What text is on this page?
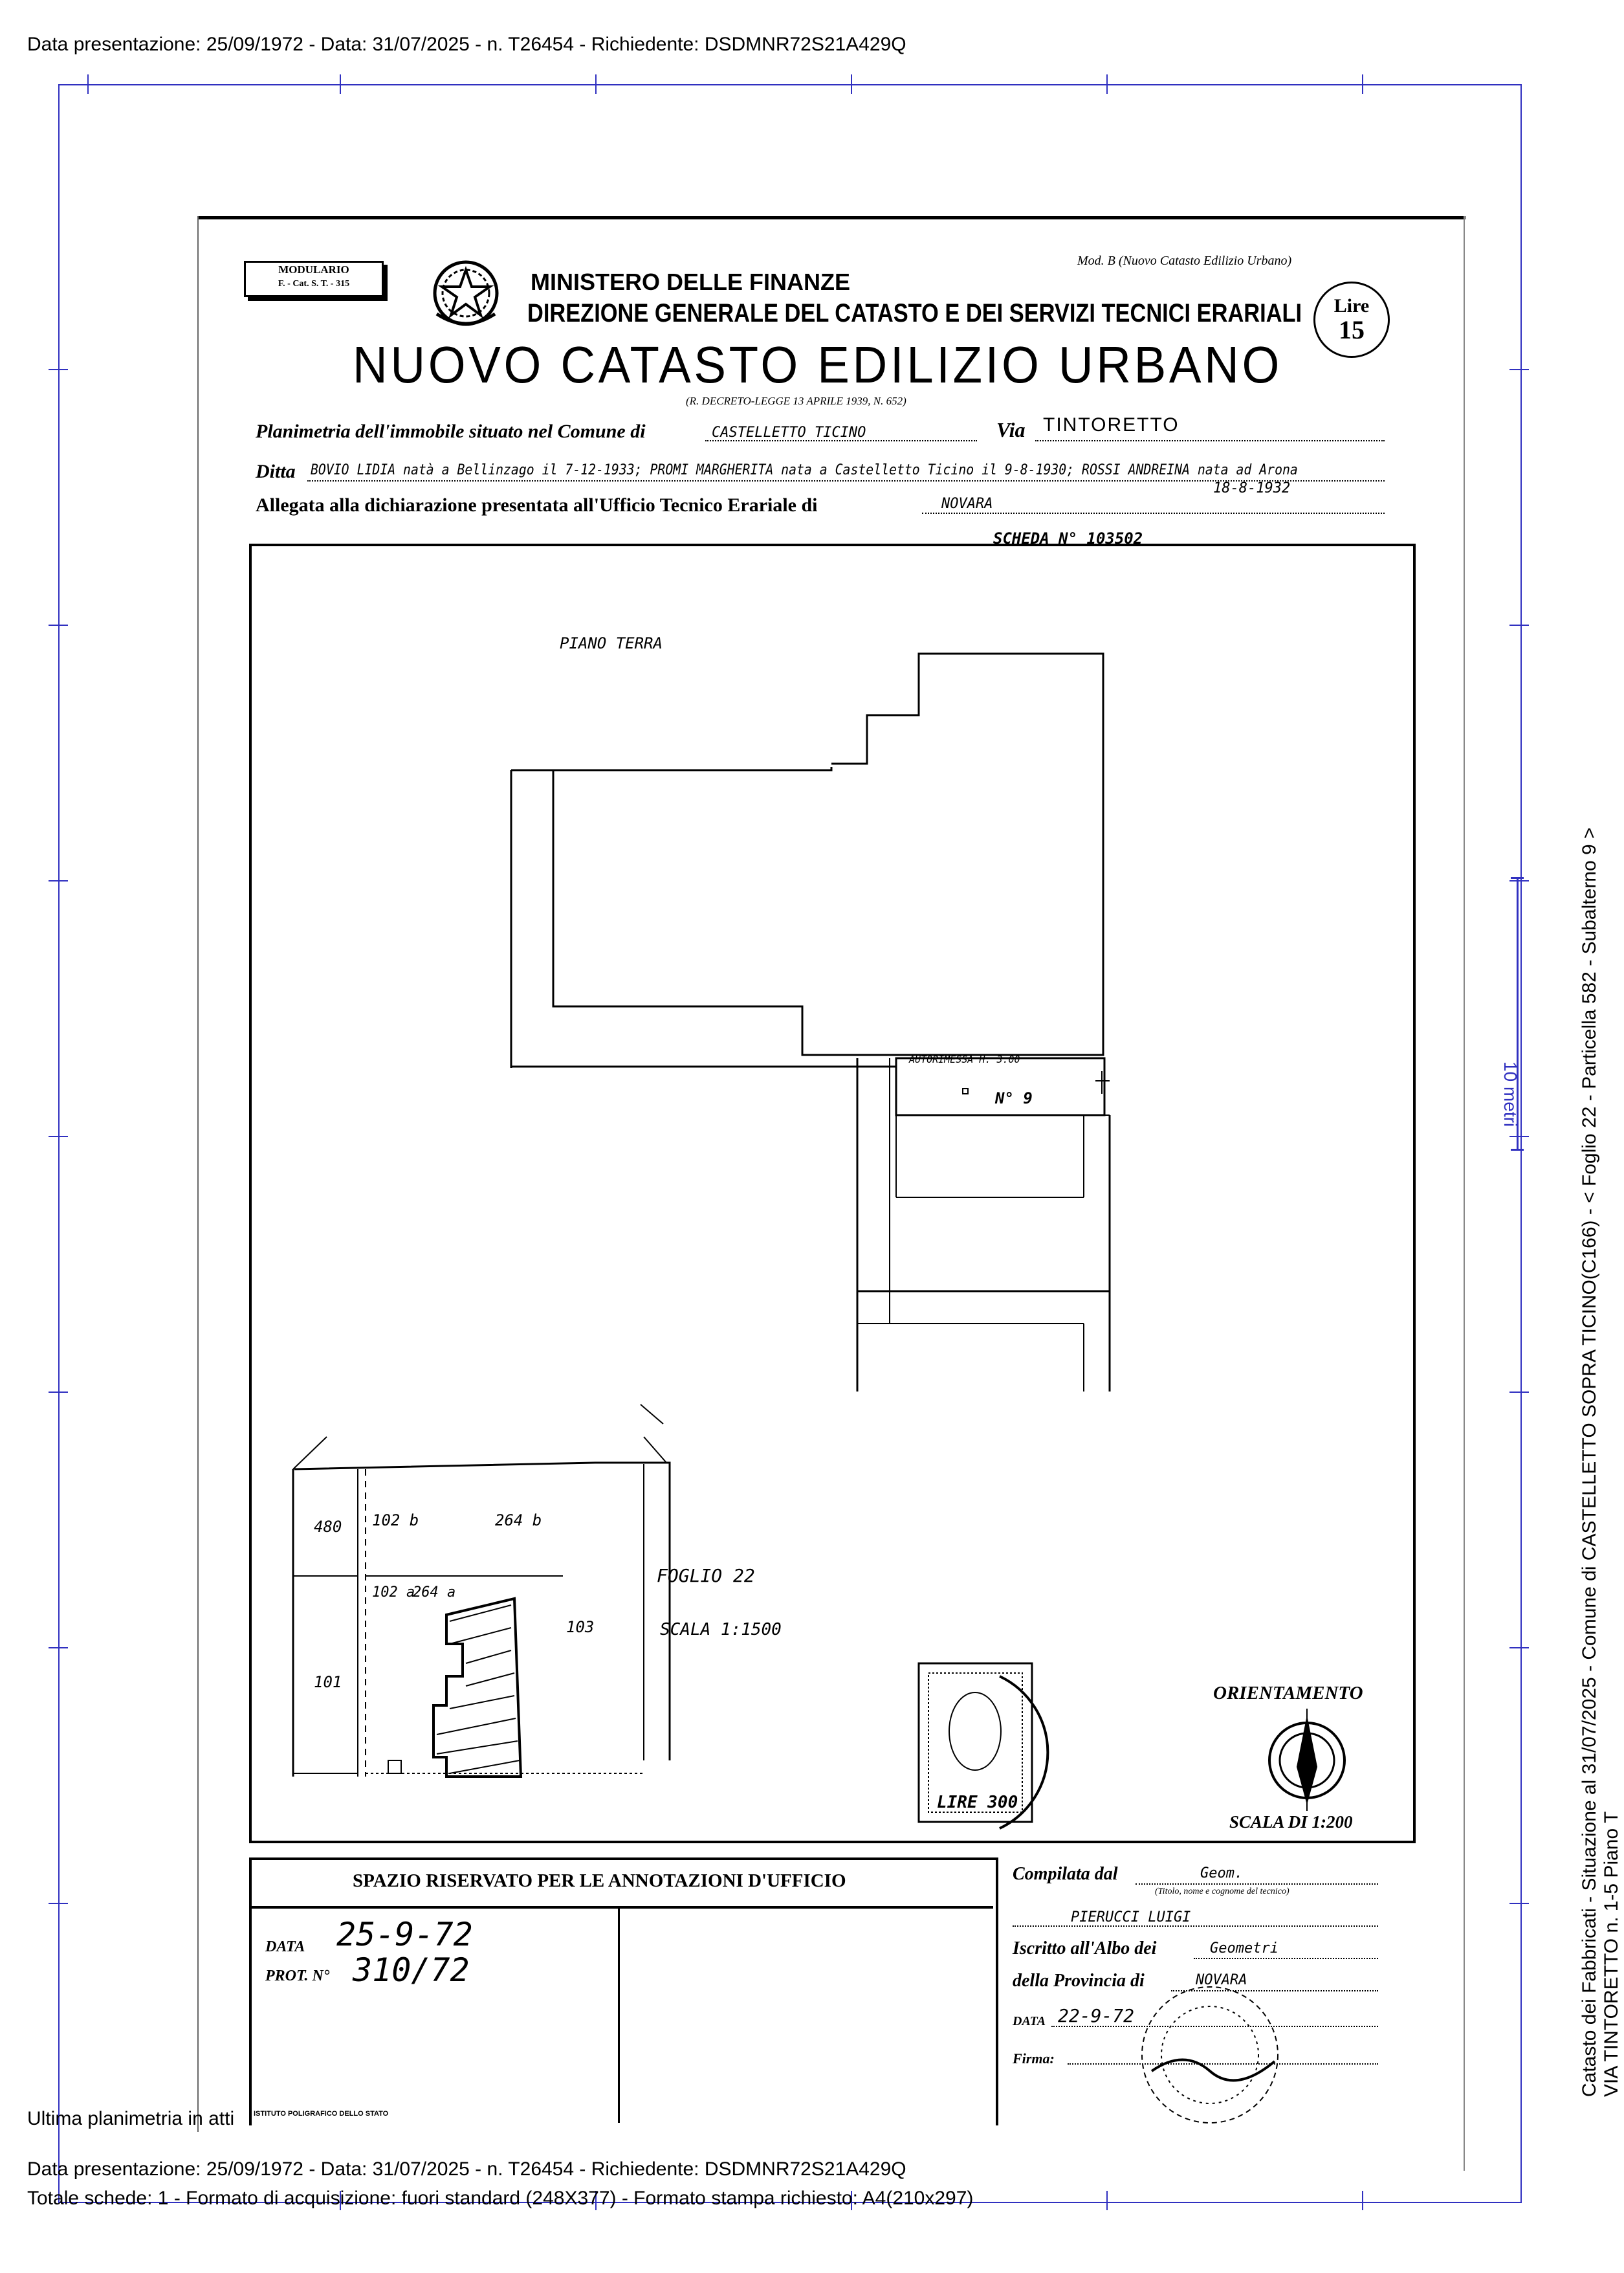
Data presentazione: 25/09/1972 - Data: 31/07/2025 - n. T26454 - Richiedente: DSDMNR72S21A429Q
10 metri
MODULARIO
F. - Cat. S. T. - 315	MINISTERO DELLE FINANZE
DIREZIONE GENERALE DEL CATASTO E DEI SERVIZI TECNICI ERARIALI
Mod. B (Nuovo Catasto Edilizio Urbano)
Lire
15
NUOVO CATASTO EDILIZIO URBANO
(R. DECRETO-LEGGE 13 APRILE 1939, N. 652)
Planimetria dell'immobile situato nel Comune di	CASTELLETTO TICINO	Via TINTORETTO
Ditta BOVIO LIDIA natà a Bellinzago il 7-12-1933; PROMI MARGHERITA nata a Castelletto Ticino il 9-8-1930; ROSSI ANDREINA nata ad Arona
18-8-1932
Allegata alla dichiarazione presentata all'Ufficio Tecnico Erariale di	NOVARA
SCHEDA N° 103502
PIANO TERRA
AUTORIMESSA H. 3.00
N° 9
FOGLIO 22
SCALA 1:1500
480 102 b	264 b
102 a
264 a
103
101
LIRE 300
ORIENTAMENTO
SCALA DI 1:200
SPAZIO RISERVATO PER LE ANNOTAZIONI D'UFFICIO
DATA 25-9-72
PROT. N° 310/72
Compilata dal	Geom.
(Titolo, nome e cognome del tecnico)
PIERUCCI LUIGI
Iscritto all'Albo dei	Geometri
della Provincia di	NOVARA
DATA 22-9-72
Firma:
ISTITUTO POLIGRAFICO DELLO STATO
Ultima planimetria in atti
Data presentazione: 25/09/1972 - Data: 31/07/2025 - n. T26454 - Richiedente: DSDMNR72S21A429Q
Totale schede: 1 - Formato di acquisizione: fuori standard (248X377) - Formato stampa richiesto: A4(210x297)
Catasto dei Fabbricati - Situazione al 31/07/2025 - Comune di CASTELLETTO SOPRA TICINO(C166) - < Foglio 22 - Particella 582 - Subalterno 9 > VIA TINTORETTO n. 1-5 Piano T
